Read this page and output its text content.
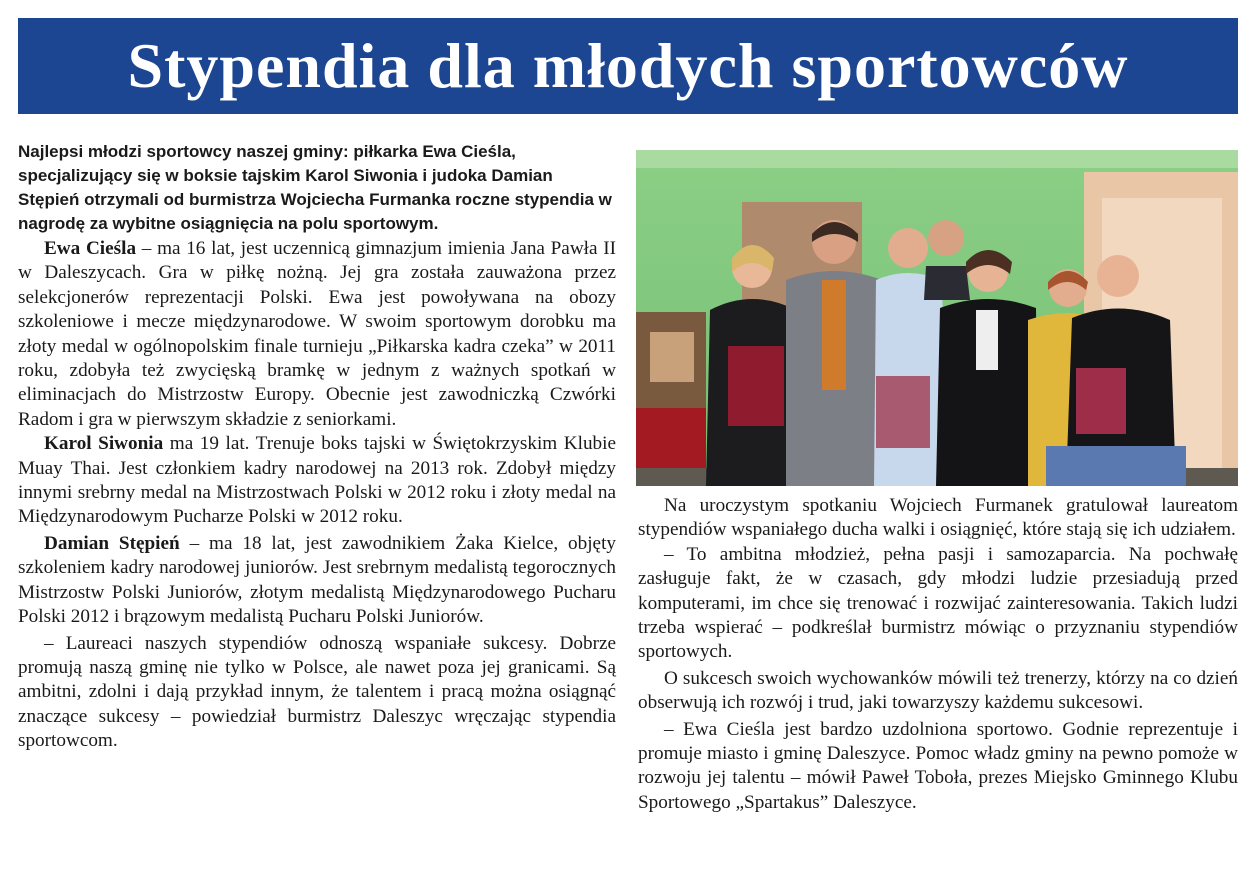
Stypendia dla młodych sportowców
Najlepsi młodzi sportowcy naszej gminy: piłkarka Ewa Cieśla, specjalizujący się w boksie tajskim Karol Siwonia i judoka Damian Stępień otrzymali od burmistrza Wojciecha Furmanka roczne stypendia w nagrodę za wybitne osiągnięcia na polu sportowym.

Ewa Cieśla – ma 16 lat, jest uczennicą gimnazjum imienia Jana Pawła II w Daleszycach. Gra w piłkę nożną. Jej gra została zauważona przez selekcjonerów reprezentacji Polski. Ewa jest powoływana na obozy szkoleniowe i mecze międzynarodowe. W swoim sportowym dorobku ma złoty medal w ogólnopolskim finale turnieju „Piłkarska kadra czeka” w 2011 roku, zdobyła też zwycięską bramkę w jednym z ważnych spotkań w eliminacjach do Mistrzostw Europy. Obecnie jest zawodniczką Czwórki Radom i gra w pierwszym składzie z seniorkami.

Karol Siwonia ma 19 lat. Trenuje boks tajski w Świętokrzyskim Klubie Muay Thai. Jest członkiem kadry narodowej na 2013 rok. Zdobył między innymi srebrny medal na Mistrzostwach Polski w 2012 roku i złoty medal na Międzynarodowym Pucharze Polski w 2012 roku.

Damian Stępień – ma 18 lat, jest zawodnikiem Żaka Kielce, objęty szkoleniem kadry narodowej juniorów. Jest srebrnym medalistą tegorocznych Mistrzostw Polski Juniorów, złotym medalistą Międzynarodowego Pucharu Polski 2012 i brązowym medalistą Pucharu Polski Juniorów.

– Laureaci naszych stypendiów odnoszą wspaniałe sukcesy. Dobrze promują naszą gminę nie tylko w Polsce, ale nawet poza jej granicami. Są ambitni, zdolni i dają przykład innym, że talentem i pracą można osiągnąć znaczące sukcesy – powiedział burmistrz Daleszyc wręczając stypendia sportowcom.

Na uroczystym spotkaniu Wojciech Furmanek gratulował laureatom stypendiów wspaniałego ducha walki i osiągnięć, które stają się ich udziałem.

– To ambitna młodzież, pełna pasji i samozaparcia. Na pochwałę zasługuje fakt, że w czasach, gdy młodzi ludzie przesiadują przed komputerami, im chce się trenować i rozwijać zainteresowania. Takich ludzi trzeba wspierać – podkreślał burmistrz mówiąc o przyznaniu stypendiów sportowych.

O sukcesch swoich wychowanków mówili też trenerzy, którzy na co dzień obserwują ich rozwój i trud, jaki towarzyszy każdemu sukcesowi.

– Ewa Cieśla jest bardzo uzdolniona sportowo. Godnie reprezentuje i promuje miasto i gminę Daleszyce. Pomoc władz gminy na pewno pomoże w rozwoju jej talentu – mówił Paweł Toboła, prezes Miejsko Gminnego Klubu Sportowego „Spartakus” Daleszyce.
